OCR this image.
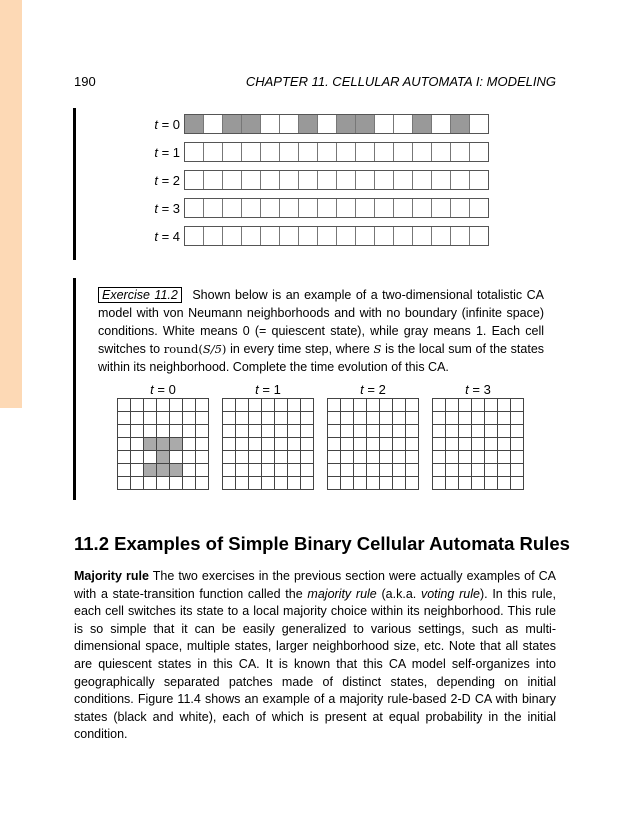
190	CHAPTER 11. CELLULAR AUTOMATA I: MODELING
t = 0
t = 1
t = 2
t = 3
t = 4
Exercise 11.2 Shown below is an example of a two-dimensional totalistic CA model with von Neumann neighborhoods and with no boundary (infinite space) conditions. White means 0 (= quiescent state), while gray means 1. Each cell switches to round(S/5) in every time step, where S is the local sum of the states within its neighborhood. Complete the time evolution of this CA.
t = 0	t = 1	t = 2	t = 3
11.2 Examples of Simple Binary Cellular Automata Rules
Majority rule The two exercises in the previous section were actually examples of CA with a state-transition function called the majority rule (a.k.a. voting rule). In this rule, each cell switches its state to a local majority choice within its neighborhood. This rule is so simple that it can be easily generalized to various settings, such as multi-dimensional space, multiple states, larger neighborhood size, etc. Note that all states are quiescent states in this CA. It is known that this CA model self-organizes into geographically separated patches made of distinct states, depending on initial conditions. Figure 11.4 shows an example of a majority rule-based 2-D CA with binary states (black and white), each of which is present at equal probability in the initial condition.
